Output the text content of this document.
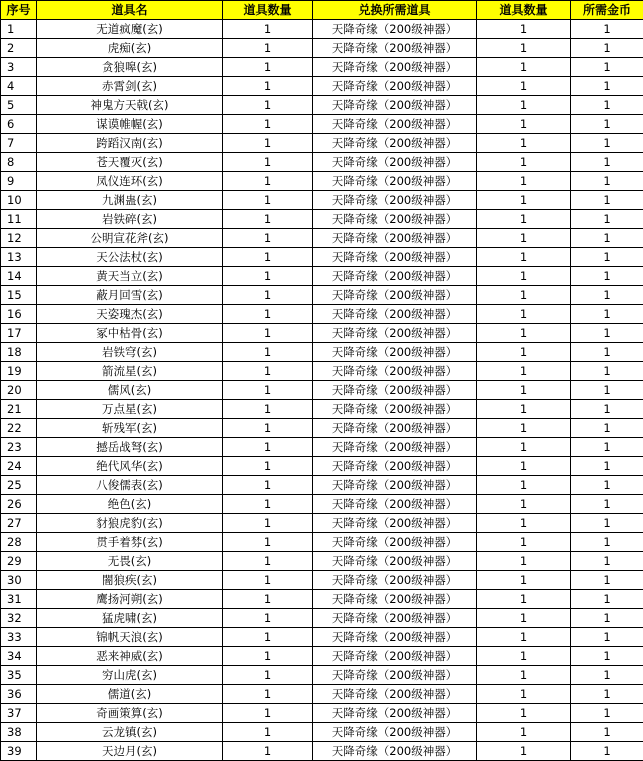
序号	道具名	道具数量	兑换所需道具	道具数量	所需金币
1	无道疯魔(玄)	1	天降奇缘（200级神器）	1	1
2	虎痴(玄)	1	天降奇缘（200级神器）	1	1
3	贪狼嗥(玄)	1	天降奇缘（200级神器）	1	1
4	赤霄剑(玄)	1	天降奇缘（200级神器）	1	1
5	神鬼方天戟(玄)	1	天降奇缘（200级神器）	1	1
6	谋谟帷幄(玄)	1	天降奇缘（200级神器）	1	1
7	跨蹈汉南(玄)	1	天降奇缘（200级神器）	1	1
8	苍天覆灭(玄)	1	天降奇缘（200级神器）	1	1
9	凤仪连环(玄)	1	天降奇缘（200级神器）	1	1
10	九渊蛊(玄)	1	天降奇缘（200级神器）	1	1
11	岩铁碎(玄)	1	天降奇缘（200级神器）	1	1
12	公明宣花斧(玄)	1	天降奇缘（200级神器）	1	1
13	天公法杖(玄)	1	天降奇缘（200级神器）	1	1
14	黄天当立(玄)	1	天降奇缘（200级神器）	1	1
15	蔽月回雪(玄)	1	天降奇缘（200级神器）	1	1
16	天姿瑰杰(玄)	1	天降奇缘（200级神器）	1	1
17	冢中枯骨(玄)	1	天降奇缘（200级神器）	1	1
18	岩铁穹(玄)	1	天降奇缘（200级神器）	1	1
19	箭流星(玄)	1	天降奇缘（200级神器）	1	1
20	儒风(玄)	1	天降奇缘（200级神器）	1	1
21	万点星(玄)	1	天降奇缘（200级神器）	1	1
22	斩残军(玄)	1	天降奇缘（200级神器）	1	1
23	撼岳战弩(玄)	1	天降奇缘（200级神器）	1	1
24	绝代风华(玄)	1	天降奇缘（200级神器）	1	1
25	八俊儒表(玄)	1	天降奇缘（200级神器）	1	1
26	绝色(玄)	1	天降奇缘（200级神器）	1	1
27	豺狼虎豹(玄)	1	天降奇缘（200级神器）	1	1
28	贯手着棼(玄)	1	天降奇缘（200级神器）	1	1
29	无畏(玄)	1	天降奇缘（200级神器）	1	1
30	闇狼疾(玄)	1	天降奇缘（200级神器）	1	1
31	鹰扬河朔(玄)	1	天降奇缘（200级神器）	1	1
32	猛虎啸(玄)	1	天降奇缘（200级神器）	1	1
33	锦帆天浪(玄)	1	天降奇缘（200级神器）	1	1
34	恶来神威(玄)	1	天降奇缘（200级神器）	1	1
35	穷山虎(玄)	1	天降奇缘（200级神器）	1	1
36	儒道(玄)	1	天降奇缘（200级神器）	1	1
37	奇画策算(玄)	1	天降奇缘（200级神器）	1	1
38	云龙镇(玄)	1	天降奇缘（200级神器）	1	1
39	天边月(玄)	1	天降奇缘（200级神器）	1	1
